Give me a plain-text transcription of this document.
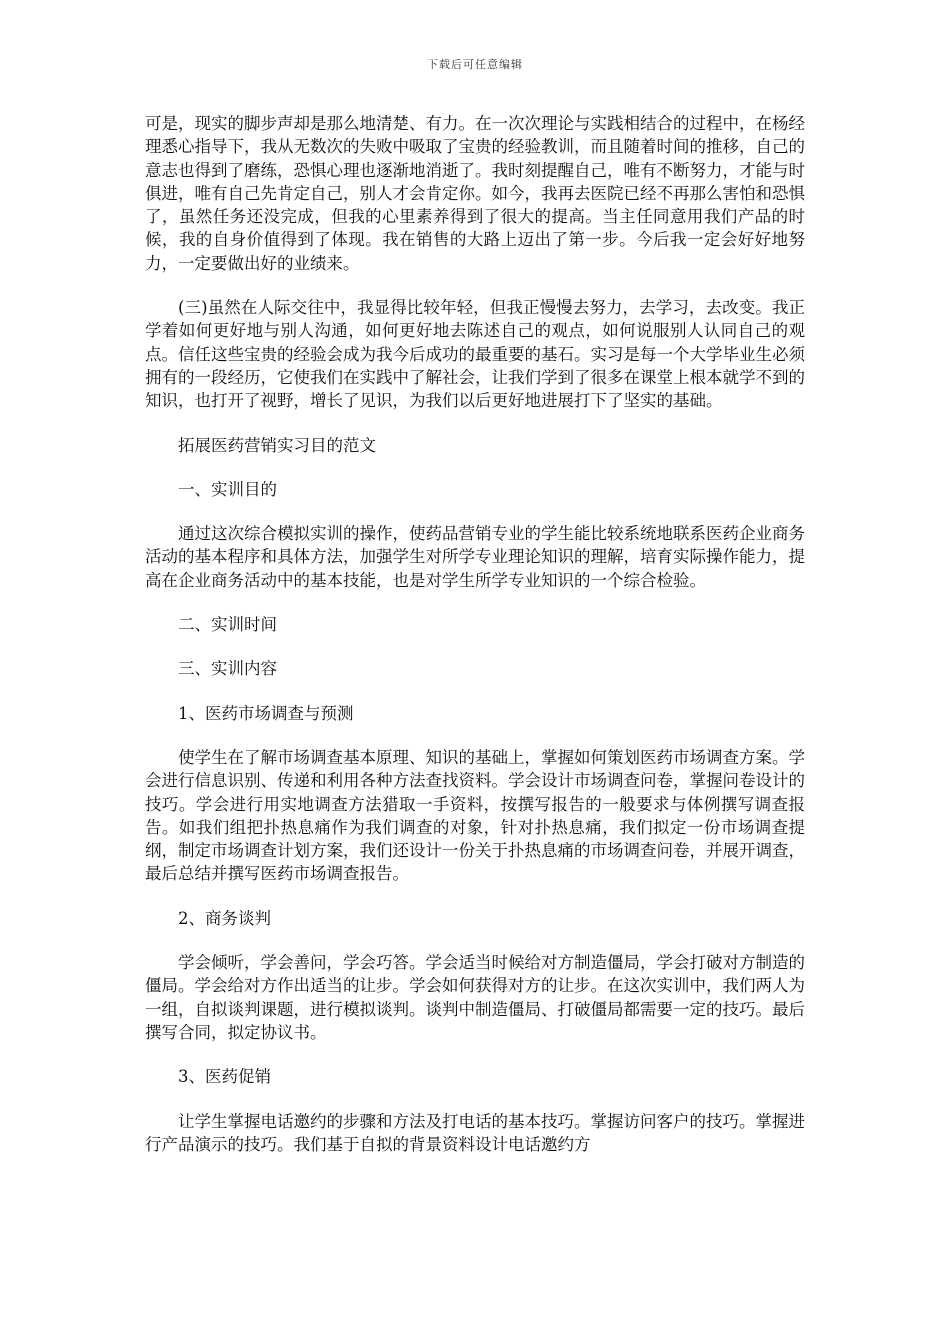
下载后可任意编辑

可是，现实的脚步声却是那么地清楚、有力。在一次次理论与实践相结合的过程中，在杨经理悉心指导下，我从无数次的失败中吸取了宝贵的经验教训，而且随着时间的推移，自己的意志也得到了磨练，恐惧心理也逐渐地消逝了。我时刻提醒自己，唯有不断努力，才能与时俱进，唯有自己先肯定自己，别人才会肯定你。如今，我再去医院已经不再那么害怕和恐惧了，虽然任务还没完成，但我的心里素养得到了很大的提高。当主任同意用我们产品的时候，我的自身价值得到了体现。我在销售的大路上迈出了第一步。今后我一定会好好地努力，一定要做出好的业绩来。

(三)虽然在人际交往中，我显得比较年轻，但我正慢慢去努力，去学习，去改变。我正学着如何更好地与别人沟通，如何更好地去陈述自己的观点，如何说服别人认同自己的观点。信任这些宝贵的经验会成为我今后成功的最重要的基石。实习是每一个大学毕业生必须拥有的一段经历，它使我们在实践中了解社会，让我们学到了很多在课堂上根本就学不到的知识，也打开了视野，增长了见识，为我们以后更好地进展打下了坚实的基础。

拓展医药营销实习目的范文

一、实训目的

通过这次综合模拟实训的操作，使药品营销专业的学生能比较系统地联系医药企业商务活动的基本程序和具体方法，加强学生对所学专业理论知识的理解，培育实际操作能力，提高在企业商务活动中的基本技能，也是对学生所学专业知识的一个综合检验。

二、实训时间

三、实训内容

1、医药市场调查与预测

使学生在了解市场调查基本原理、知识的基础上，掌握如何策划医药市场调查方案。学会进行信息识别、传递和利用各种方法查找资料。学会设计市场调查问卷，掌握问卷设计的技巧。学会进行用实地调查方法猎取一手资料，按撰写报告的一般要求与体例撰写调查报告。如我们组把扑热息痛作为我们调查的对象，针对扑热息痛，我们拟定一份市场调查提纲，制定市场调查计划方案，我们还设计一份关于扑热息痛的市场调查问卷，并展开调查，最后总结并撰写医药市场调查报告。

2、商务谈判

学会倾听，学会善问，学会巧答。学会适当时候给对方制造僵局，学会打破对方制造的僵局。学会给对方作出适当的让步。学会如何获得对方的让步。在这次实训中，我们两人为一组，自拟谈判课题，进行模拟谈判。谈判中制造僵局、打破僵局都需要一定的技巧。最后撰写合同，拟定协议书。

3、医药促销

让学生掌握电话邀约的步骤和方法及打电话的基本技巧。掌握访问客户的技巧。掌握进行产品演示的技巧。我们基于自拟的背景资料设计电话邀约方
